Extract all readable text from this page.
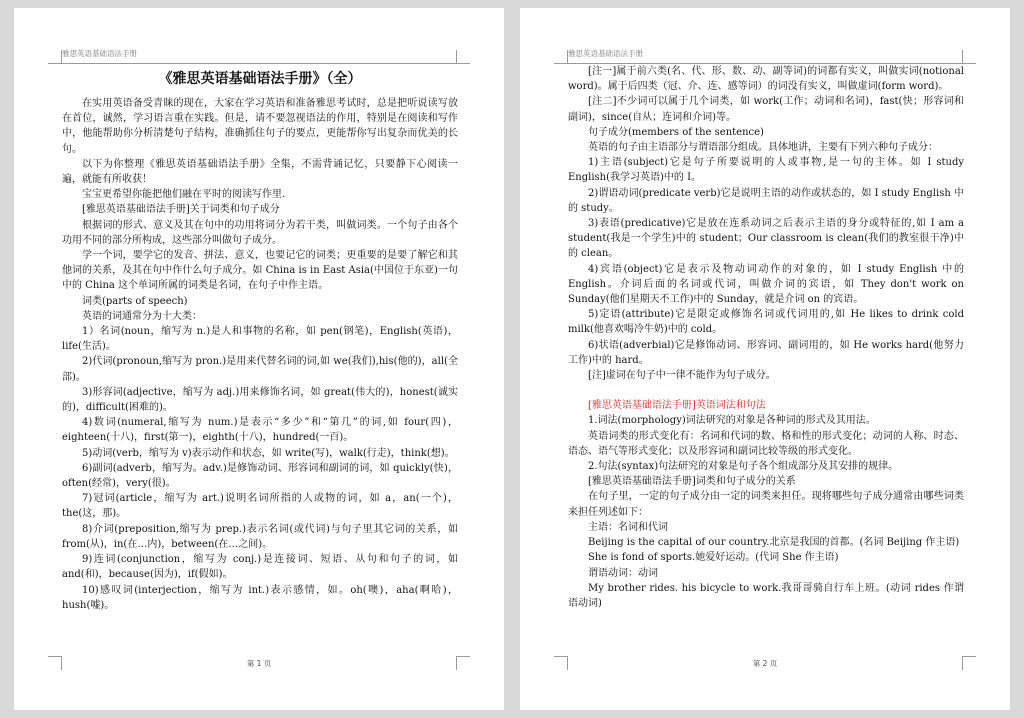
雅思英语基础语法手册
《雅思英语基础语法手册》（全）

在实用英语备受青睐的现在，大家在学习英语和准备雅思考试时，总是把听说读写放在首位，诚然，学习语言重在实践。但是，请不要忽视语法的作用，特别是在阅读和写作中，他能帮助你分析清楚句子结构，准确抓住句子的要点，更能帮你写出复杂而优美的长句。

以下为你整理《雅思英语基础语法手册》全集，不需背诵记忆，只要静下心阅读一遍，就能有所收获！

宝宝更希望你能把他们融在平时的阅读写作里.

[雅思英语基础语法手册]关于词类和句子成分

根据词的形式、意义及其在句中的功用将词分为若干类，叫做词类。一个句子由各个功用不同的部分所构成，这些部分叫做句子成分。

学一个词，要学它的发音、拼法、意义，也要记它的词类；更重要的是要了解它和其他词的关系，及其在句中作什么句子成分。如 China is in East Asia(中国位于东亚)一句中的 China 这个单词所属的词类是名词，在句子中作主语。

词类(parts of speech)

英语的词通常分为十大类：

1）名词(noun，缩写为 n.)是人和事物的名称，如 pen(钢笔)，English(英语)，life(生活)。

2)代词(pronoun,缩写为 pron.)是用来代替名词的词,如 we(我们),his(他的)，all(全部)。

3)形容词(adjective，缩写为 adj.)用来修饰名词，如 great(伟大的)，honest(诚实的)，difficult(困难的)。

4)数词(numeral,缩写为 num.)是表示“多少”和“第几”的词,如 four(四)，eighteen(十八)，first(第一)，eighth(十八)，hundred(一百)。

5)动词(verb，缩写为 v)表示动作和状态，如 write(写)，walk(行走)，think(想)。

6)副词(adverb，缩写为。adv.)是修饰动词、形容词和副词的词，如 quickly(快)，often(经常)，very(很)。

7)冠词(article，缩写为 art.)说明名词所指的人或物的词，如 a，an(一个)，the(这，那)。

8)介词(preposition,缩写为 prep.)表示名词(或代词)与句子里其它词的关系，如 from(从)，in(在…内)，between(在…之间)。

9)连词(conjunction，缩写为 conj.)是连接词、短语、从句和句子的词，如 and(和)，because(因为)，if(假如)。

10)感叹词(interjection，缩写为 int.)表示感情，如。oh(噢)，aha(啊哈)，hush(嘘)。

第 1 页
雅思英语基础语法手册

[注一]属于前六类(名、代、形、数、动、副等词)的词都有实义，叫做实词(notional word)。属于后四类（冠、介、连、感等词）的词没有实义，叫做虚词(form word)。

[注二]不少词可以属于几个词类，如 work(工作；动词和名词)，fast(快；形容词和副词)，since(自从；连词和介词)等。

句子成分(members of the sentence)

英语的句子由主语部分与谓语部分组成。具体地讲，主要有下列六种句子成分：

1)主语(subject)它是句子所要说明的人或事物,是一句的主体。如 I study English(我学习英语)中的 I。

2)谓语动词(predicate verb)它是说明主语的动作或状态的，如 I study English 中的 study。

3)表语(predicative)它是放在连系动词之后表示主语的身分或特征的,如 I am a student(我是一个学生)中的 student；Our classroom is clean(我们的教室很干净)中的 clean。

4)宾语(object)它是表示及物动词动作的对象的，如 I study English 中的 English。介词后面的名词或代词，叫做介词的宾语，如 They don't work on Sunday(他们星期天不工作)中的 Sunday，就是介词 on 的宾语。

5)定语(attribute)它是限定或修饰名词或代词用的,如 He likes to drink cold milk(他喜欢喝冷牛奶)中的 cold。

6)状语(adverbial)它是修饰动词、形容词、副词用的，如 He works hard(他努力工作)中的 hard。

[注]虚词在句子中一律不能作为句子成分。

[雅思英语基础语法手册]英语词法和句法

1.词法(morphology)词法研究的对象是各种词的形式及其用法。

英语词类的形式变化有：名词和代词的数、格和性的形式变化；动词的人称、时态、语态、语气等形式变化；以及形容词和副词比较等级的形式变化。

2.句法(syntax)句法研究的对象是句子各个组成部分及其安排的规律。

[雅思英语基础语法手册]词类和句子成分的关系

在句子里，一定的句子成分由一定的词类来担任。现将哪些句子成分通常由哪些词类来担任列述如下：

主语：名词和代词

Beijing is the capital of our country.北京是我国的首都。(名词 Beijing 作主语)

She is fond of sports.她爱好运动。(代词 She 作主语)

谓语动词：动词

My brother rides. his bicycle to work.我哥哥骑自行车上班。(动词 rides 作谓语动词)

第 2 页
